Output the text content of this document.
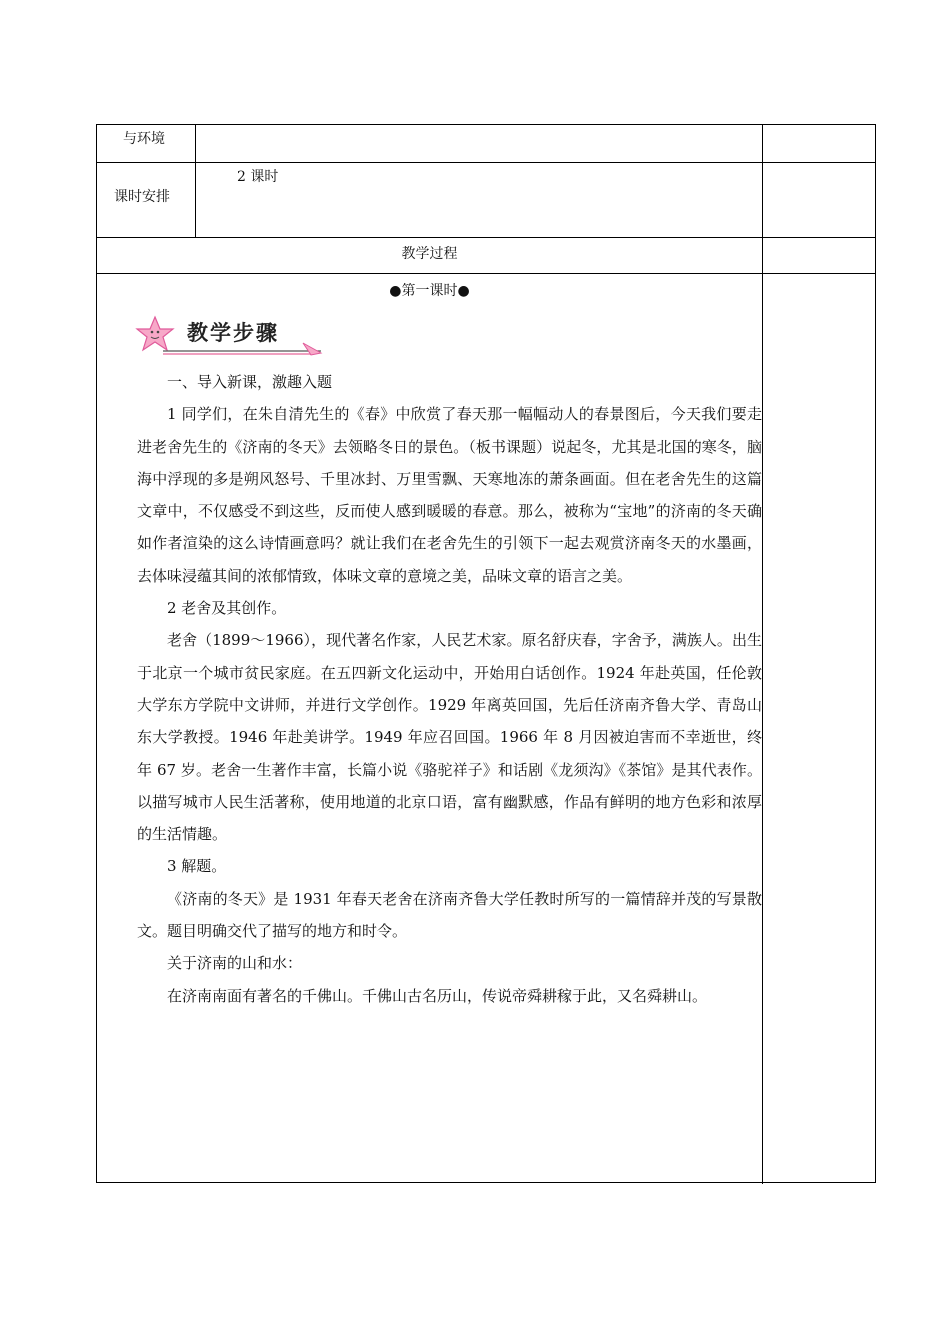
与环境
课时安排
2 课时
教学过程
●第一课时●
教学步骤

一、导入新课，激趣入题

1 同学们，在朱自清先生的《春》中欣赏了春天那一幅幅动人的春景图后，今天我们要走进老舍先生的《济南的冬天》去领略冬日的景色。（板书课题）说起冬，尤其是北国的寒冬，脑海中浮现的多是朔风怒号、千里冰封、万里雪飘、天寒地冻的萧条画面。但在老舍先生的这篇文章中，不仅感受不到这些，反而使人感到暖暖的春意。那么，被称为“宝地”的济南的冬天确如作者渲染的这么诗情画意吗？就让我们在老舍先生的引领下一起去观赏济南冬天的水墨画，去体味浸蕴其间的浓郁情致，体味文章的意境之美，品味文章的语言之美。

2 老舍及其创作。

老舍（1899～1966），现代著名作家，人民艺术家。原名舒庆春，字舍予，满族人。出生于北京一个城市贫民家庭。在五四新文化运动中，开始用白话创作。1924 年赴英国，任伦敦大学东方学院中文讲师，并进行文学创作。1929 年离英回国，先后任济南齐鲁大学、青岛山东大学教授。1946 年赴美讲学。1949 年应召回国。1966 年 8 月因被迫害而不幸逝世，终年 67 岁。老舍一生著作丰富，长篇小说《骆驼祥子》和话剧《龙须沟》《茶馆》是其代表作。以描写城市人民生活著称，使用地道的北京口语，富有幽默感，作品有鲜明的地方色彩和浓厚的生活情趣。

3 解题。

《济南的冬天》是 1931 年春天老舍在济南齐鲁大学任教时所写的一篇情辞并茂的写景散文。题目明确交代了描写的地方和时令。

关于济南的山和水：

在济南南面有著名的千佛山。千佛山古名历山，传说帝舜耕稼于此，又名舜耕山。
